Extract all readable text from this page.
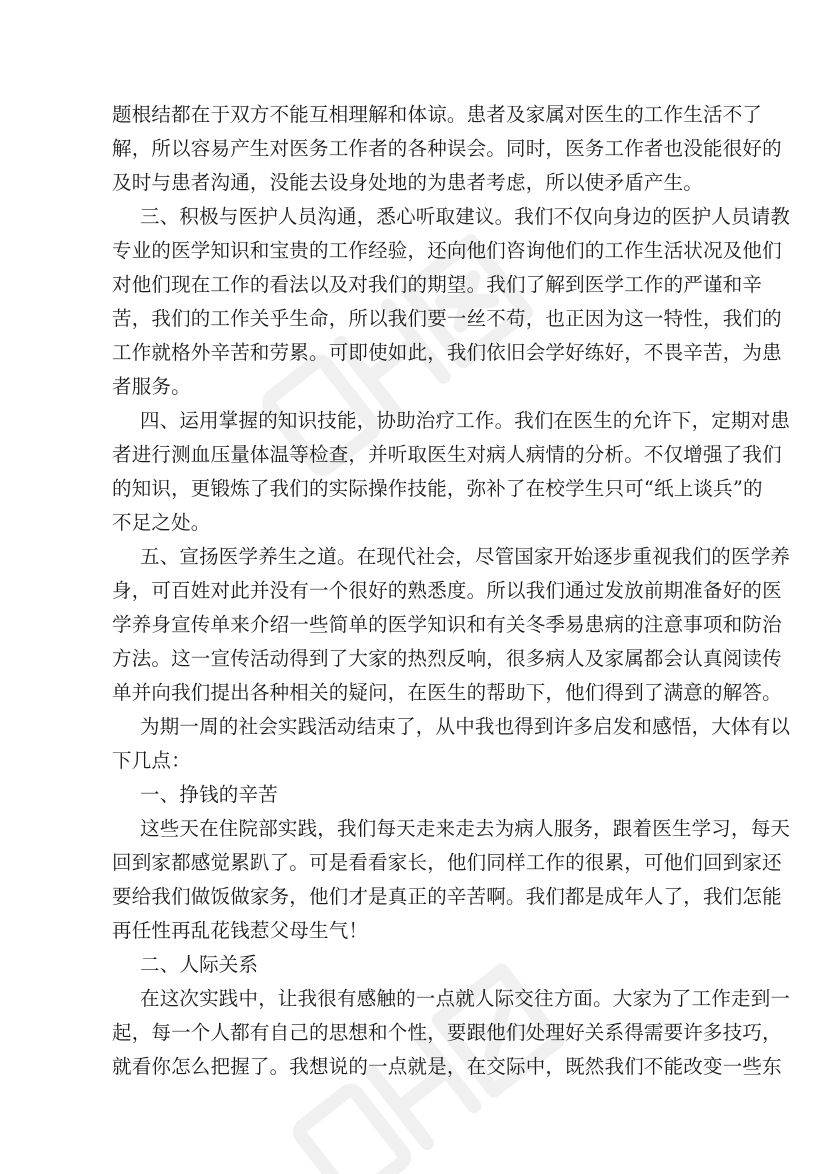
题根结都在于双方不能互相理解和体谅。患者及家属对医生的工作生活不了
解，所以容易产生对医务工作者的各种误会。同时，医务工作者也没能很好的
及时与患者沟通，没能去设身处地的为患者考虑，所以使矛盾产生。
三、积极与医护人员沟通，悉心听取建议。我们不仅向身边的医护人员请教
专业的医学知识和宝贵的工作经验，还向他们咨询他们的工作生活状况及他们
对他们现在工作的看法以及对我们的期望。我们了解到医学工作的严谨和辛
苦，我们的工作关乎生命，所以我们要一丝不苟，也正因为这一特性，我们的
工作就格外辛苦和劳累。可即使如此，我们依旧会学好练好，不畏辛苦，为患
者服务。
四、运用掌握的知识技能，协助治疗工作。我们在医生的允许下，定期对患
者进行测血压量体温等检查，并听取医生对病人病情的分析。不仅增强了我们
的知识，更锻炼了我们的实际操作技能，弥补了在校学生只可“纸上谈兵”的
不足之处。
五、宣扬医学养生之道。在现代社会，尽管国家开始逐步重视我们的医学养
身，可百姓对此并没有一个很好的熟悉度。所以我们通过发放前期准备好的医
学养身宣传单来介绍一些简单的医学知识和有关冬季易患病的注意事项和防治
方法。这一宣传活动得到了大家的热烈反响，很多病人及家属都会认真阅读传
单并向我们提出各种相关的疑问，在医生的帮助下，他们得到了满意的解答。
为期一周的社会实践活动结束了，从中我也得到许多启发和感悟，大体有以
下几点：
一、挣钱的辛苦
这些天在住院部实践，我们每天走来走去为病人服务，跟着医生学习，每天
回到家都感觉累趴了。可是看看家长，他们同样工作的很累，可他们回到家还
要给我们做饭做家务，他们才是真正的辛苦啊。我们都是成年人了，我们怎能
再任性再乱花钱惹父母生气！
二、人际关系
在这次实践中，让我很有感触的一点就人际交往方面。大家为了工作走到一
起，每一个人都有自己的思想和个性，要跟他们处理好关系得需要许多技巧，
就看你怎么把握了。我想说的一点就是，在交际中，既然我们不能改变一些东
